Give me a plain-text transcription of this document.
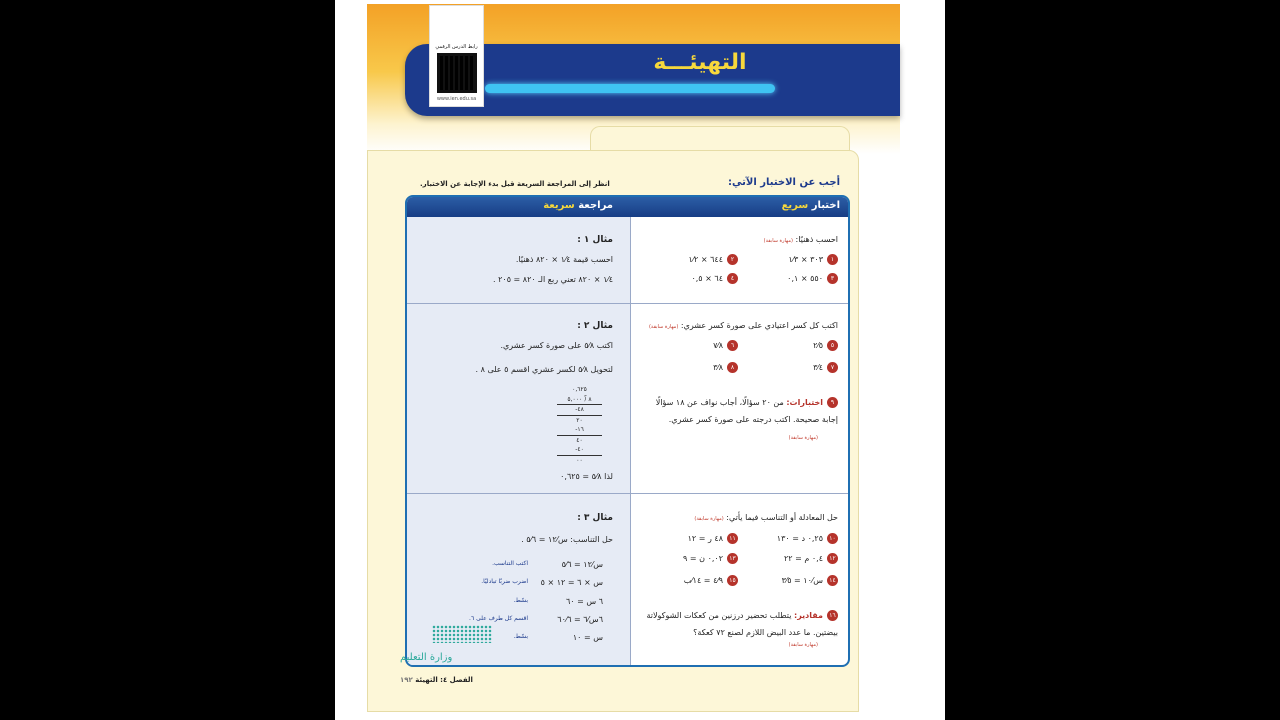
التهيئـــة
رابط الدرس الرقمي
www.ien.edu.sa
انظر إلى المراجعة السريعة قبل بدء الإجابة عن الاختبار.	أجب عن الاختبار الآتي:
اختبار سريع
مراجعة سريعة
احسب ذهنيًا: (مهارة سابقة)
١٣٠٣ × ١⁄٣
٢٦٤٤ × ١⁄٢
٣٥٥٠ × ٠,١
٤٦٤ × ٠,٥
اكتب كل كسر اعتيادي على صورة كسر عشري: (مهارة سابقة)
٥٢⁄٥
٦٧⁄٨
٧٣⁄٤
٨٣⁄٨
٩اختبارات: من ٢٠ سؤالًا، أجاب نواف عن ١٨ سؤالًا
إجابة صحيحة. اكتب درجته على صورة كسر عشري.
(مهارة سابقة)
حل المعادلة أو التناسب فيما يأتي: (مهارة سابقة)
١٠٠,٢٥ د = ١٣٠
١١٤٨ ر = ١٢
١٢٠,٤ م = ٢٢
١٣٠,٠٢ ن = ٩
١٤س⁄١٠ = ٣⁄٥
١٥٤⁄٩ = ١٤⁄ب
١٦مقادير: يتطلب تحضير درزنين من كعكات الشوكولاتة
بيضتين. ما عدد البيض اللازم لصنع ٧٢ كعكة؟
(مهارة سابقة)
مثال ١ :
احسب قيمة ١⁄٤ × ٨٢٠ ذهنيًا.
١⁄٤ × ٨٢٠ تعني ربع الـ ٨٢٠ = ٢٠٥ .
مثال ٢ :
اكتب ٥⁄٨ على صورة كسر عشري.
لتحويل ٥⁄٨ لكسر عشري اقسم ٥ على ٨ .
٠,٦٢٥
٨ ⟌ ٥,٠٠٠
-٤٨
٢٠
-١٦
٤٠
-٤٠
٠٠
لذا ٥⁄٨ = ٠,٦٢٥
مثال ٣ :
حل التناسب: س⁄١٢ = ٥⁄٦ .
اكتب التناسب.	س⁄١٢ = ٥⁄٦
اضرب ضربًا تبادليًا. س × ٦ = ١٢ × ٥
بسّط.	٦ س = ٦٠
اقسم كل طرف على ٦.	٦س⁄٦ = ٦٠⁄٦
بسّط.	س = ١٠
وزارة التعليم
الفصل ٤: التهيئة ١٩٢
